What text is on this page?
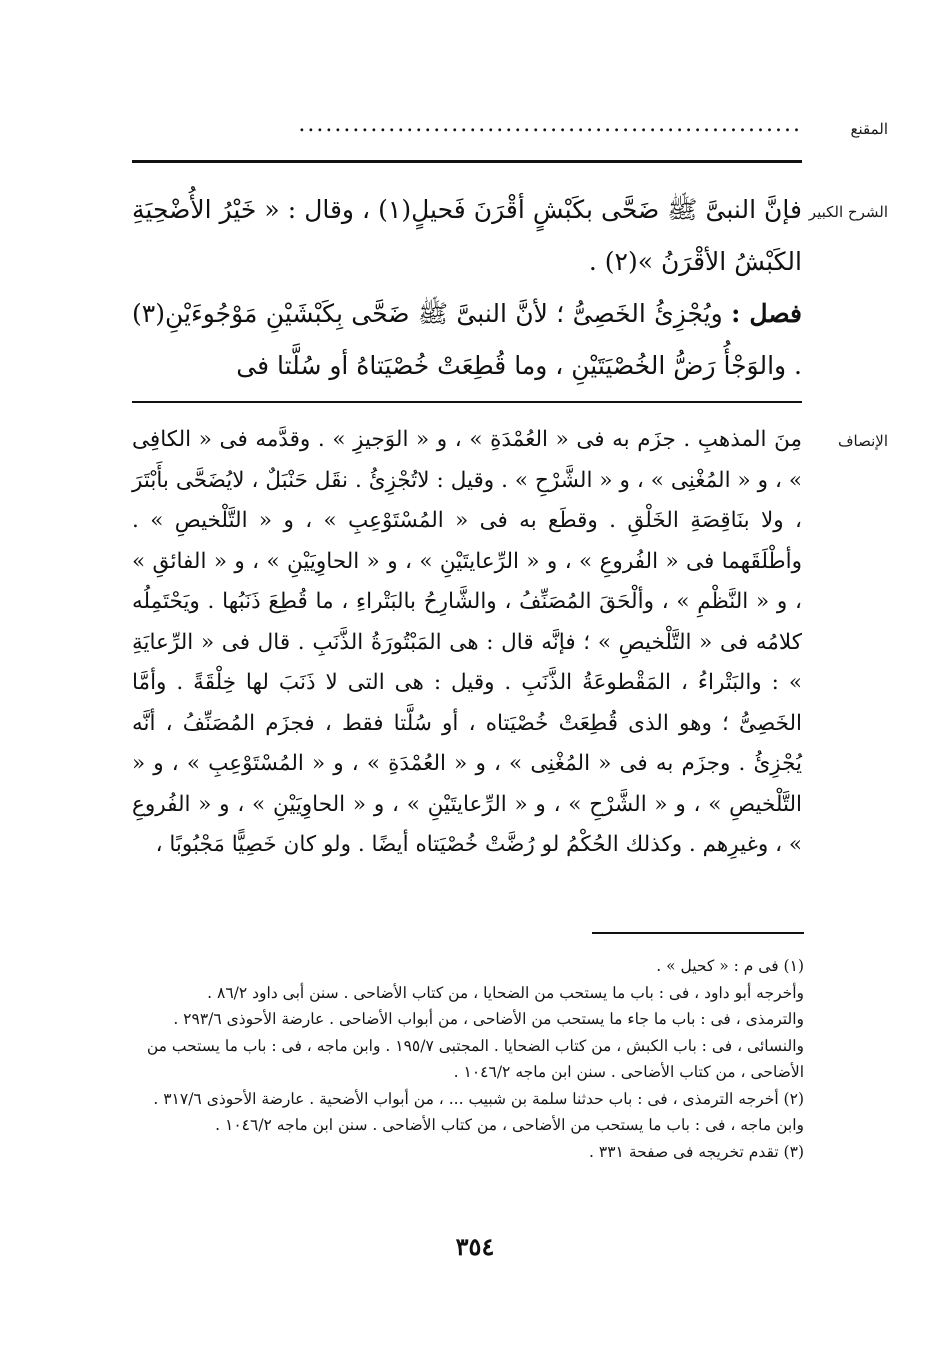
المقنع
........................................................
الشرح الكبير

فإنَّ النبىَّ ﷺ ضَحَّى بكَبْشٍ أقْرَنَ فَحيلٍ(١) ، وقال : « خَيْرُ الأُضْحِيَةِ الكَبْشُ الأقْرَنُ »(٢) .

فصل : ويُجْزِئُ الخَصِىُّ ؛ لأنَّ النبىَّ ﷺ ضَحَّى بِكَبْشَيْنِ مَوْجُوءَيْنِ(٣) . والوَجْأُ رَضُّ الخُصْيَتَيْنِ ، وما قُطِعَتْ خُصْيَتاهُ أو سُلَّتا فى

الإنصاف

مِنَ المذهبِ . جزَم به فى « العُمْدَةِ » ، و « الوَجيزِ » . وقدَّمه فى « الكافِى » ، و « المُغْنِى » ، و « الشَّرْحِ » . وقيل : لاتُجْزِئُ . نقَل حَنْبَلٌ ، لايُضَحَّى بأَبْتَرَ ، ولا بنَاقِصَةِ الخَلْقِ . وقطَع به فى « المُسْتَوْعِبِ » ، و « التَّلْخيصِ » . وأطْلَقَهما فى « الفُروعِ » ، و « الرِّعايتَيْنِ » ، و « الحاوِيَيْنِ » ، و « الفائقِ » ، و « النَّظْمِ » ، وألْحَقَ المُصَنِّفُ ، والشَّارِحُ بالبَتْراءِ ، ما قُطِعَ ذَنَبُها . ويَحْتَمِلُه كلامُه فى « التَّلْخيصِ » ؛ فإنَّه قال : هى المَبْتُورَةُ الذَّنَبِ . قال فى « الرِّعايَةِ » : والبَتْراءُ ، المَقْطوعَةُ الذَّنَبِ . وقيل : هى التى لا ذَنَبَ لها خِلْقَةً . وأمَّا الخَصِىُّ ؛ وهو الذى قُطِعَتْ خُصْيَتاه ، أو سُلَّتا فقط ، فجزَم المُصَنِّفُ ، أنَّه يُجْزِئُ . وجزَم به فى « المُغْنِى » ، و « العُمْدَةِ » ، و « المُسْتَوْعِبِ » ، و « التَّلْخيصِ » ، و « الشَّرْحِ » ، و « الرِّعايتَيْنِ » ، و « الحاوِيَيْنِ » ، و « الفُروعِ » ، وغيرِهم . وكذلك الحُكْمُ لو رُضَّتْ خُصْيَتاه أيضًا . ولو كان خَصِيًّا مَجْبُوبًا ،

(١) فى م : « كحيل » .

وأخرجه أبو داود ، فى : باب ما يستحب من الضحايا ، من كتاب الأضاحى . سنن أبى داود ٨٦/٢ .

والترمذى ، فى : باب ما جاء ما يستحب من الأضاحى ، من أبواب الأضاحى . عارضة الأحوذى ٢٩٣/٦ .

والنسائى ، فى : باب الكبش ، من كتاب الضحايا . المجتبى ١٩٥/٧ . وابن ماجه ، فى : باب ما يستحب من

الأضاحى ، من كتاب الأضاحى . سنن ابن ماجه ١٠٤٦/٢ .

(٢) أخرجه الترمذى ، فى : باب حدثنا سلمة بن شبيب ... ، من أبواب الأضحية . عارضة الأحوذى ٣١٧/٦ .

وابن ماجه ، فى : باب ما يستحب من الأضاحى ، من كتاب الأضاحى . سنن ابن ماجه ١٠٤٦/٢ .

(٣) تقدم تخريجه فى صفحة ٣٣١ .

٣٥٤
